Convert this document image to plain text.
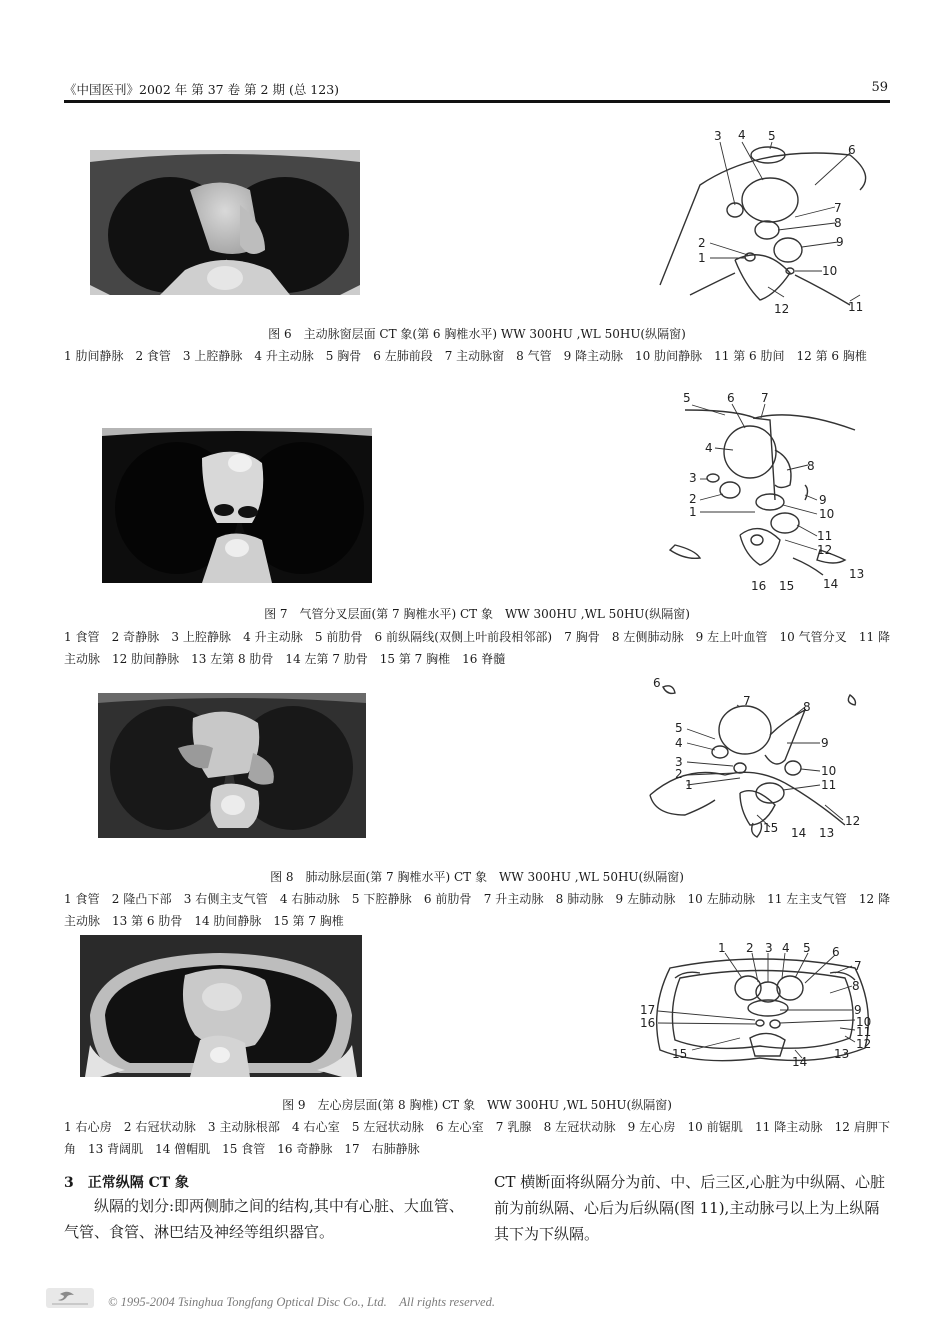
《中国医刊》2002 年 第 37 卷 第 2 期 (总 123)	59
3 4 5
6
7
8
9
2
1
10
12	11
图 6　主动脉窗层面 CT 象(第 6 胸椎水平) WW 300HU ,WL 50HU(纵隔窗)
1 肋间静脉　2 食管　3 上腔静脉　4 升主动脉　5 胸骨　6 左肺前段　7 主动脉窗　8 气管　9 降主动脉　10 肋间静脉　11 第 6 肋间　12 第 6 胸椎
5	6 7
4
8
3
2	9
1	10
11
12
13
14
15
16
图 7　气管分叉层面(第 7 胸椎水平) CT 象　WW 300HU ,WL 50HU(纵隔窗)
1 食管　2 奇静脉　3 上腔静脉　4 升主动脉　5 前肋骨　6 前纵隔线(双侧上叶前段相邻部)　7 胸骨　8 左侧肺动脉　9 左上叶血管　10 气管分叉　11 降主动脉　12 肋间静脉　13 左第 8 肋骨　14 左第 7 肋骨　15 第 7 胸椎　16 脊髓
6
7	8
5
4	9
3
10
2
1	11
12
15 14 13
图 8　肺动脉层面(第 7 胸椎水平) CT 象　WW 300HU ,WL 50HU(纵隔窗)
1 食管　2 隆凸下部　3 右侧主支气管　4 右肺动脉　5 下腔静脉　6 前肋骨　7 升主动脉　8 肺动脉　9 左肺动脉　10 左肺动脉　11 左主支气管　12 降主动脉　13 第 6 肋骨　14 肋间静脉　15 第 7 胸椎
1 2 3 4 5 6
7
8
9
10
11
12
13
14
15
17
16
图 9　左心房层面(第 8 胸椎) CT 象　WW 300HU ,WL 50HU(纵隔窗)
1 右心房　2 右冠状动脉　3 主动脉根部　4 右心室　5 左冠状动脉　6 左心室　7 乳腺　8 左冠状动脉　9 左心房　10 前锯肌　11 降主动脉　12 肩胛下角　13 背阔肌　14 僧帽肌　15 食管　16 奇静脉　17　右肺静脉
3　正常纵隔 CT 象
纵隔的划分:即两侧肺之间的结构,其中有心脏、大血管、气管、食管、淋巴结及神经等组织器官。
CT 横断面将纵隔分为前、中、后三区,心脏为中纵隔、心脏前为前纵隔、心后为后纵隔(图 11),主动脉弓以上为上纵隔其下为下纵隔。
© 1995-2004 Tsinghua Tongfang Optical Disc Co., Ltd.　All rights reserved.
